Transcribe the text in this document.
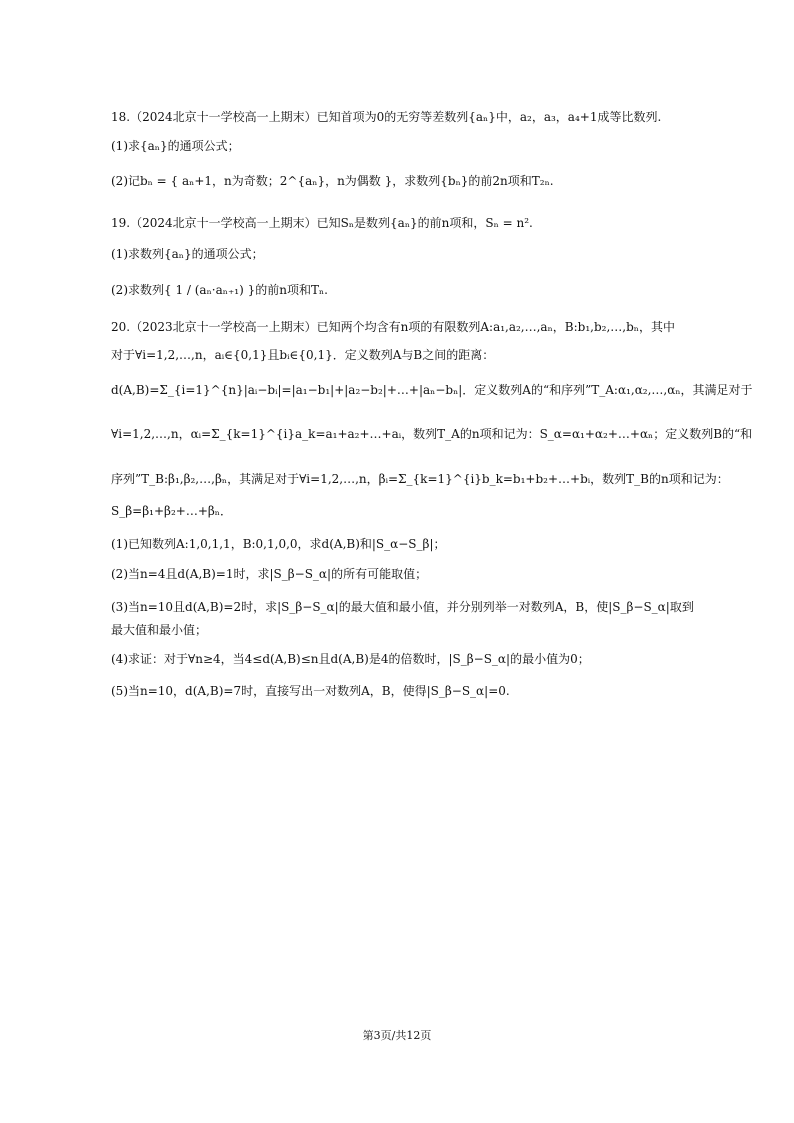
18.（2024北京十一学校高一上期末）已知首项为0的无穷等差数列{aₙ}中，a₂，a₃，a₄+1成等比数列.
(1)求{aₙ}的通项公式；
(2)记bₙ = { aₙ+1，n为奇数；2^{aₙ}，n为偶数 }，求数列{bₙ}的前2n项和T₂ₙ.
19.（2024北京十一学校高一上期末）已知Sₙ是数列{aₙ}的前n项和，Sₙ = n².
(1)求数列{aₙ}的通项公式；
(2)求数列{ 1 / (aₙ·aₙ₊₁) }的前n项和Tₙ.
20.（2023北京十一学校高一上期末）已知两个均含有n项的有限数列A:a₁,a₂,…,aₙ，B:b₁,b₂,…,bₙ，其中
对于∀i=1,2,…,n，aᵢ∈{0,1}且bᵢ∈{0,1}．定义数列A与B之间的距离：
d(A,B)=Σ_{i=1}^{n}|aᵢ−bᵢ|=|a₁−b₁|+|a₂−b₂|+…+|aₙ−bₙ|．定义数列A的“和序列”T_A:α₁,α₂,…,αₙ，其满足对于
∀i=1,2,…,n，αᵢ=Σ_{k=1}^{i}a_k=a₁+a₂+…+aᵢ，数列T_A的n项和记为：S_α=α₁+α₂+…+αₙ；定义数列B的“和
序列”T_B:β₁,β₂,…,βₙ，其满足对于∀i=1,2,…,n，βᵢ=Σ_{k=1}^{i}b_k=b₁+b₂+…+bᵢ，数列T_B的n项和记为：
S_β=β₁+β₂+…+βₙ．
(1)已知数列A:1,0,1,1，B:0,1,0,0，求d(A,B)和|S_α−S_β|；
(2)当n=4且d(A,B)=1时，求|S_β−S_α|的所有可能取值；
(3)当n=10且d(A,B)=2时，求|S_β−S_α|的最大值和最小值，并分别列举一对数列A，B，使|S_β−S_α|取到
最大值和最小值；
(4)求证：对于∀n≥4，当4≤d(A,B)≤n且d(A,B)是4的倍数时，|S_β−S_α|的最小值为0；
(5)当n=10，d(A,B)=7时，直接写出一对数列A，B，使得|S_β−S_α|=0.
第3页/共12页
